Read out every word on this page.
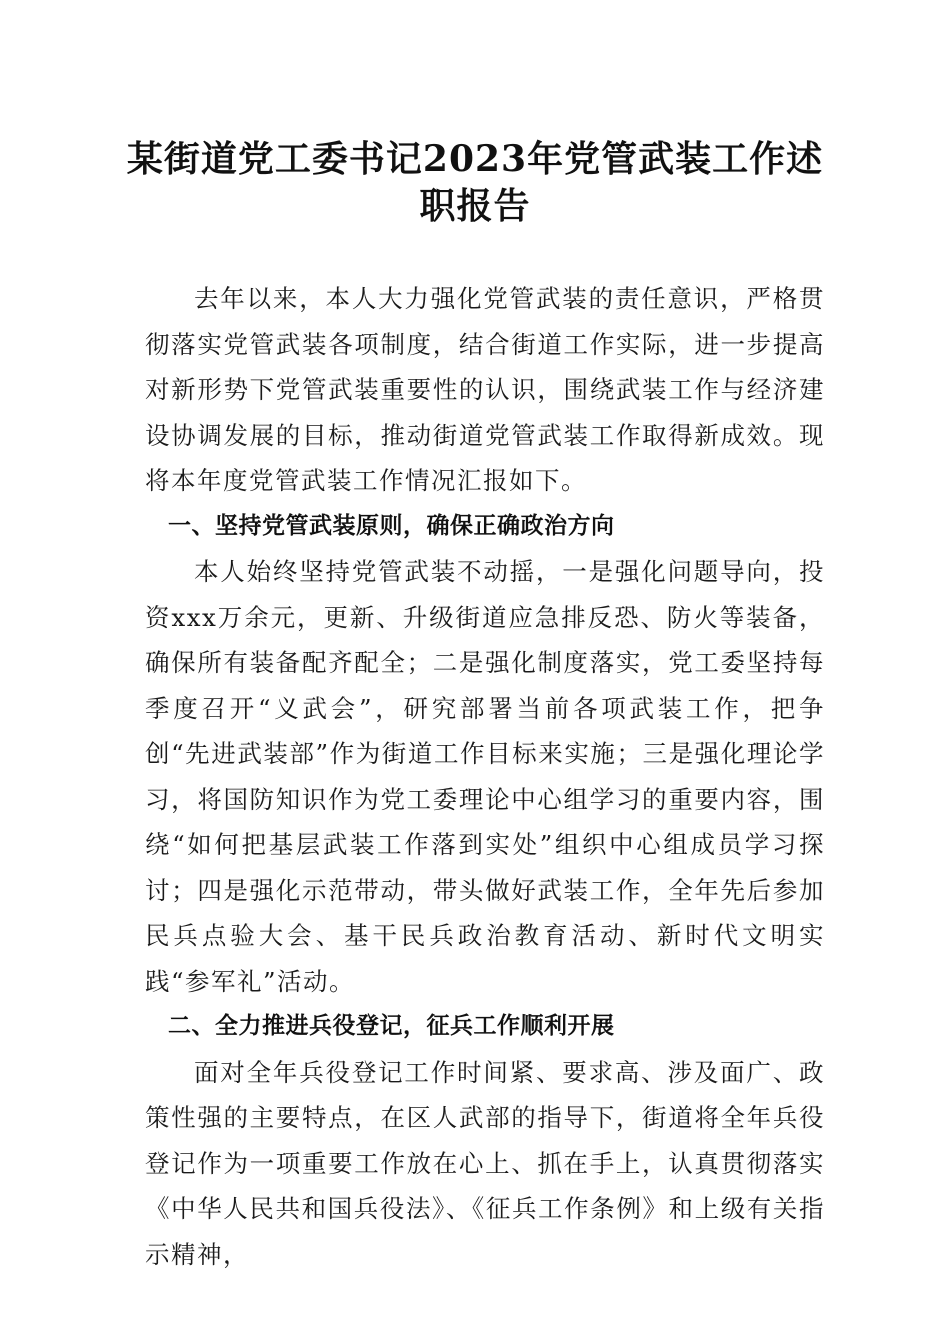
某街道党工委书记2023年党管武装工作述职报告

去年以来，本人大力强化党管武装的责任意识，严格贯彻落实党管武装各项制度，结合街道工作实际，进一步提高对新形势下党管武装重要性的认识，围绕武装工作与经济建设协调发展的目标，推动街道党管武装工作取得新成效。现将本年度党管武装工作情况汇报如下。

一、坚持党管武装原则，确保正确政治方向

本人始终坚持党管武装不动摇，一是强化问题导向，投资xxx万余元，更新、升级街道应急排反恐、防火等装备，确保所有装备配齐配全；二是强化制度落实，党工委坚持每季度召开“义武会”，研究部署当前各项武装工作，把争创“先进武装部”作为街道工作目标来实施；三是强化理论学习，将国防知识作为党工委理论中心组学习的重要内容，围绕“如何把基层武装工作落到实处”组织中心组成员学习探讨；四是强化示范带动，带头做好武装工作，全年先后参加民兵点验大会、基干民兵政治教育活动、新时代文明实践“参军礼”活动。

二、全力推进兵役登记，征兵工作顺利开展

面对全年兵役登记工作时间紧、要求高、涉及面广、政策性强的主要特点，在区人武部的指导下，街道将全年兵役登记作为一项重要工作放在心上、抓在手上，认真贯彻落实《中华人民共和国兵役法》、《征兵工作条例》和上级有关指示精神，
